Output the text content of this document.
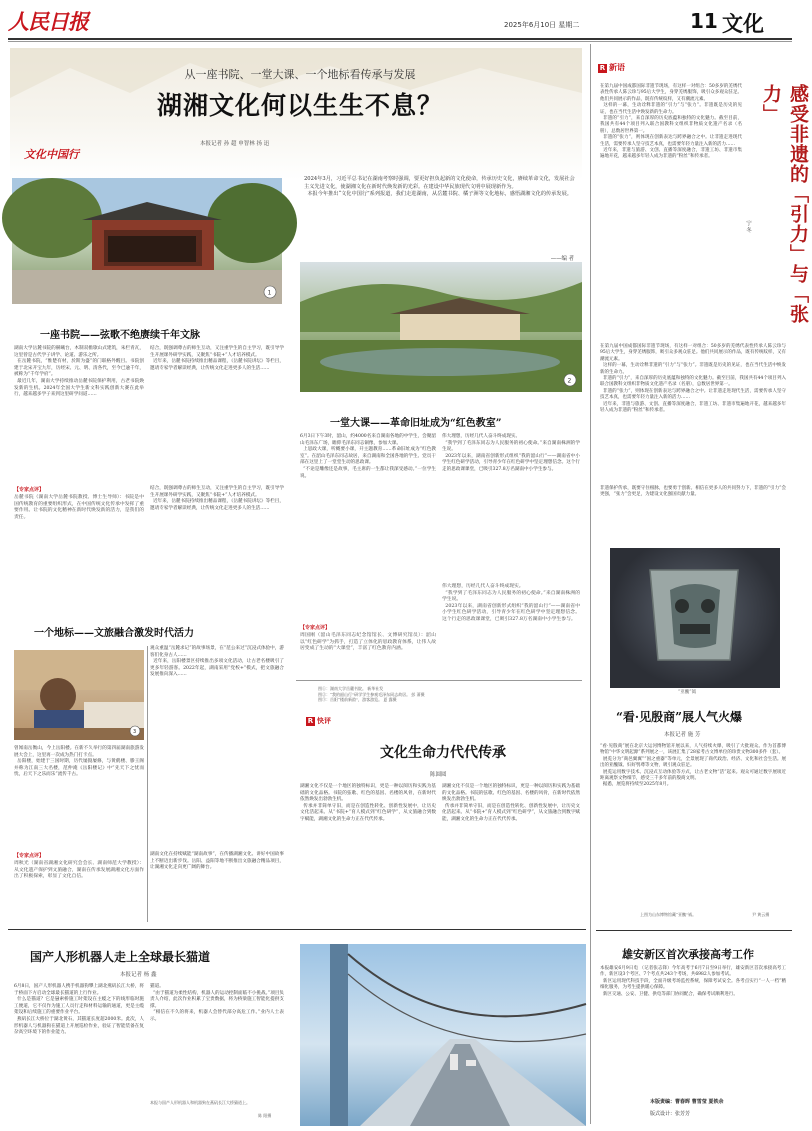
人民日报	2025年6月10日 星期二	11 文化
从一座书院、一堂大课、一个地标看传承与发展
湖湘文化何以生生不息？
本报记者 孙 超 申智林 扬 迅
文化中国行
1
2024年3月，习近平总书记在湖南考察时强调，要更好担负起新的文化使命，传承历史文化，赓续革命文化，发展社会主义先进文化，使湖湘文化在新时代焕发新的光彩。在建设中华民族现代文明中展现新作为。
本报今年推出“文化中国行”系列报道，我们走进湖南，从岳麓书院、橘子洲等文化地标，感悟湖湘文化的传承发展。
——编 者
2
一座书院——弦歌不绝赓续千年文脉
湖南大学岳麓书院的赫曦台，木制双檐歇山式建筑，朱栏青瓦，这里曾是古代学子讲学、论道、游乐之所。
在岳麓书院，“惟楚有材，於斯为盛”的门联格外醒目。书院创建于北宋开宝九年，历经宋、元、明、清各代，至今已逾千年，被称为“千年学府”。
最近几年，湖南大学持续推动岳麓书院保护利用，古老书院焕发新的生机。2024年全国大学生新文科实践创新大赛在此举行，越来越多学子来到这里研学问道……
结合，既强调尊古的师生互动，又注重学生的自主学习，既引导学生开展课外研学实践，又聚焦“书院+”人才培养模式。
近年来，岳麓书院持续推出精品课程，《岳麓书院讲坛》等栏目，邀请专家学者解读经典，让传统文化走进更多人的生活……
【专家点评】
岳麓书院（湖南大学岳麓书院教授、博士生导师）：书院是中国传统教育的重要组织形式，在中国传统文化传承中发挥了重要作用。让书院的文化精神在新时代焕发新的活力，是我们的责任。
结合，既强调尊古的师生互动，又注重学生的自主学习，既引导学生开展课外研学实践，又聚焦“书院+”人才培养模式。
近年来，岳麓书院持续推出精品课程，《岳麓书院讲坛》等栏目，邀请专家学者解读经典，让传统文化走进更多人的生活……
一个地标——文旅融合激发时代活力
3
曾闻南岳衡山，今上岳阳楼。在新不久举行的第四届湖南旅游发展大会上，这里再一次成为热门打卡点。
岳阳楼，始建于三国时期，历代屡毁屡修，与黄鹤楼、滕王阁并称为江南三大名楼，范仲淹《岳阳楼记》中“先天下之忧而忧，后天下之乐而乐”流传千古。
【专家点评】
周秋光（湖南省湖湘文化研究会会长、湖南师范大学教授）：从文化遗产保护到文旅融合，湖南在传承发展湖湘文化方面作出了积极探索，彰显了文化自信。
观众重温“岳麓求记”的故事场景，在“范公来过”沉浸式体验中，游客们化身古人……
近年来，岳阳楼景区持续推出多项文化活动，让古老名楼吸引了更多年轻游客。2022年起，湖南采用“党校+”模式，把文旅融合发展推向深入……
湖南文化在持续赋能“湖南故事”，在传播湖湘文化、讲好中国故事上不断迈出新步伐。岳阳、益阳等地不断推出文旅融合精品项目，让湖湘文化走向更广阔的舞台。
一堂大课——革命旧址成为“红色教室”
6月3日下午3时，韶山，约4000名来自湖南各地的中学生，会聚韶山毛泽东广场，瞻仰毛泽东同志铜像，参加大课。
上思政大课，听概要小课，开主题教育……革命旧址成为“红色教室”。在韶山毛泽东同志故居，来自湖南和全国各地的学生、党员干部在这里上了一堂堂生动的思政课。
“不论是雕像还是故事，毛主席的一生都让我深受感动。”一位学生说。
伟大理想，历经几代人奋斗终成现实。
“我学到了毛泽东同志为人民服务的初心使命。”来自湖南株洲的学生说。
2023年以来，湖南省创新形式组织“我的韶山行”——湖南省中小学生红色研学活动，引导青少年在红色研学中坚定理想信念。这个行走的思政课课堂，已吸引327.8万名湖南中小学生参与。
【专家点评】
周国刚（韶山毛泽东同志纪念馆馆长、文博研究馆员）：韶山以“红色研学”为抓手，打造了立体化的思政教育体系，让伟人故居变成了生动的“大课堂”，丰富了红色教育内涵。
伟大理想，历经几代人奋斗终成现实。
“我学到了毛泽东同志为人民服务的初心使命。”来自湖南株洲的学生说。
2023年以来，湖南省创新形式组织“我的韶山行”——湖南省中小学生红色研学活动，引导青少年在红色研学中坚定理想信念。这个行走的思政课课堂，已吸引327.8万名湖南中小学生参与。
图①：湖南大学岳麓书院。 新华社发
图②：“我的韶山行”研学学生参观毛泽东同志故居。 彭 萧摄
图③：岳阳“楼前新韵”，游客游览。 夏 露摄
R 快评
文化生命力代代传承
陈圆圆
湖湘文化不仅是一个地区的独特标识，更是一种以阅历和实践为基础的文化品格。书院的弦歌、红色的基因、名楼的风骨，在新时代依然焕发出勃勃生机。
传承并非简单守旧，而是在创造性转化、创新性发展中，让历史文化活起来。从“书院+”育人模式到“红色研学”，从文旅融合到数字赋能，湖湘文化的生命力正在代代传承。
湖湘文化不仅是一个地区的独特标识，更是一种以阅历和实践为基础的文化品格。书院的弦歌、红色的基因、名楼的风骨，在新时代依然焕发出勃勃生机。
传承并非简单守旧，而是在创造性转化、创新性发展中，让历史文化活起来。从“书院+”育人模式到“红色研学”，从文旅融合到数字赋能，湖湘文化的生命力正在代代传承。
国产人形机器人走上全球最长猫道
本报记者 杨 鑫
6月8日，国产人形机器人携手机器狗攀上湖北燕矶长江大桥，将于桥面下方启动全球最长猫道的上行作业。
什么是猫道？它是悬索桥施工时架设在主缆之下的线形临时施工便道，它不仅作为施工人员行走和材料运输的通道，更是主缆架设和后续施工的重要作业平台。
燕矶长江大桥位于湖北黄石，其猫道长度超2000米。此次，人形机器人与机器狗在猫道上开展巡检作业，验证了智能装备在复杂高空环境下的作业能力。
猫道。
“由于猫道为柔性结构，机器人的运动控制面临不小挑战。”项目负责人介绍，此次作业积累了宝贵数据，将为桥梁施工智能化提供支撑。
“相信在不久的将来，机器人会替代部分高危工作。”业内人士表示。
本报与国产人形机器人和机器狗在燕矶长江大桥猫道上。
陈 阳摄
R 新语
在第九届中国成都国际非遗节现场，有这样一对组合：50多岁的羌绣代表性传承人陈云珍与95后大学生，身穿羌绣服饰，吸引众多观众驻足。他们共同展示的作品，既有传统纹样，又有潮流元素。
这样的一幕，生动诠释非遗的“引力”与“张力”。非遗既是历史的见证，也在当代生活中焕发新的生命力。
非遗的“引力”，来自深厚的历史底蕴和独特的文化魅力。截至目前，我国共有44个项目列入联合国教科文组织非物质文化遗产名录（名册），总数居世界第一。
非遗的“张力”，则体现在创新表达与跨界融合之中。让非遗走进现代生活，需要传承人坚守技艺本真，也需要年轻力量注入新的活力……
近年来，非遗与旅游、文创、直播等深度融合，非遗工坊、非遗市集遍地开花，越来越多年轻人成为非遗的“粉丝”和传承者。	感受非遗的「引力」与「张力」
宁 冬
在第九届中国成都国际非遗节现场，有这样一对组合：50多岁的羌绣代表性传承人陈云珍与95后大学生，身穿羌绣服饰，吸引众多观众驻足。他们共同展示的作品，既有传统纹样，又有潮流元素。
这样的一幕，生动诠释非遗的“引力”与“张力”。非遗既是历史的见证，也在当代生活中焕发新的生命力。
非遗的“引力”，来自深厚的历史底蕴和独特的文化魅力。截至目前，我国共有44个项目列入联合国教科文组织非物质文化遗产名录（名册），总数居世界第一。
非遗的“张力”，则体现在创新表达与跨界融合之中。让非遗走进现代生活，需要传承人坚守技艺本真，也需要年轻力量注入新的活力……
近年来，非遗与旅游、文创、直播等深度融合，非遗工坊、非遗市集遍地开花，越来越多年轻人成为非遗的“粉丝”和传承者。
非遗保护传承，既要守住根脉，也要勇于创新。相信在更多人的共同努力下，非遗的“引力”会更强，“张力”会更足，为建设文化强国贡献力量。
“亚醜”钺
“看·见殷商”展人气火爆
本报记者 施 芳
“看·见殷商”展在北京大运河博物馆开展以来，人气持续火爆，吸引了大批观众。作为首都博物馆“中华文明起源”系列展之一，该展汇集了28家考古文博单位的珍贵文物300多件（套）。
展览分为“商邑翼翼”“国之重器”等单元，全景展现了商代政治、经济、文化和社会生活。展出的亚醜钺、妇好鸮尊等文物，吸引观众驻足。
展览运用数字技术、沉浸式互动体验等方式，让古老文物“活”起来。观众可通过数字展项近距离观察文物细节，感受三千多年前的殷商文明。
据悉，展览将持续至2025年8月。
上图为山东博物馆藏“亚醜”钺。	尹 黄云摄
雄安新区首次承接高考工作
本报雄安6月9日电 （记者张志锋）今年高考于6月7日至9日举行，雄安新区首次承接高考工作，新区设3个考区、7个考点共243个考场，共6982人参加考试。
新区运用现代科技手段，全面升级考场监控系统，保障考试安全。各考点实行“一人一档”精细化服务，为考生提供暖心保障。
新区交通、公安、卫健、供电等部门协同配合，确保考试顺利进行。
本版责编：曹春晖 曹雪莹 夏铁余
版式设计：张芳芳
